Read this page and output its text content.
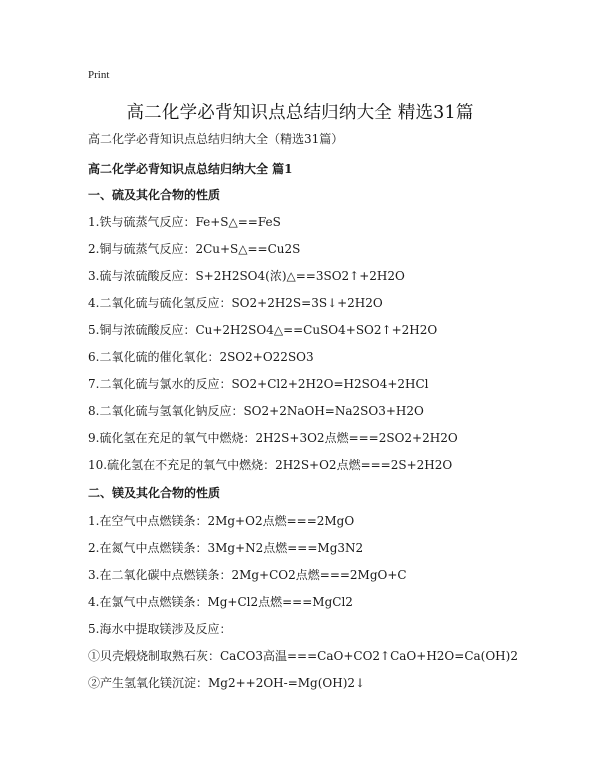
Print
高二化学必背知识点总结归纳大全 精选31篇
高二化学必背知识点总结归纳大全（精选31篇）
高二化学必背知识点总结归纳大全 篇1
一、硫及其化合物的性质
1.铁与硫蒸气反应：Fe+S△==FeS
2.铜与硫蒸气反应：2Cu+S△==Cu2S
3.硫与浓硫酸反应：S+2H2SO4(浓)△==3SO2↑+2H2O
4.二氧化硫与硫化氢反应：SO2+2H2S=3S↓+2H2O
5.铜与浓硫酸反应：Cu+2H2SO4△==CuSO4+SO2↑+2H2O
6.二氧化硫的催化氧化：2SO2+O22SO3
7.二氧化硫与氯水的反应：SO2+Cl2+2H2O=H2SO4+2HCl
8.二氧化硫与氢氧化钠反应：SO2+2NaOH=Na2SO3+H2O
9.硫化氢在充足的氧气中燃烧：2H2S+3O2点燃===2SO2+2H2O
10.硫化氢在不充足的氧气中燃烧：2H2S+O2点燃===2S+2H2O
二、镁及其化合物的性质
1.在空气中点燃镁条：2Mg+O2点燃===2MgO
2.在氮气中点燃镁条：3Mg+N2点燃===Mg3N2
3.在二氧化碳中点燃镁条：2Mg+CO2点燃===2MgO+C
4.在氯气中点燃镁条：Mg+Cl2点燃===MgCl2
5.海水中提取镁涉及反应：
①贝壳煅烧制取熟石灰：CaCO3高温===CaO+CO2↑CaO+H2O=Ca(OH)2
②产生氢氧化镁沉淀：Mg2++2OH-=Mg(OH)2↓
